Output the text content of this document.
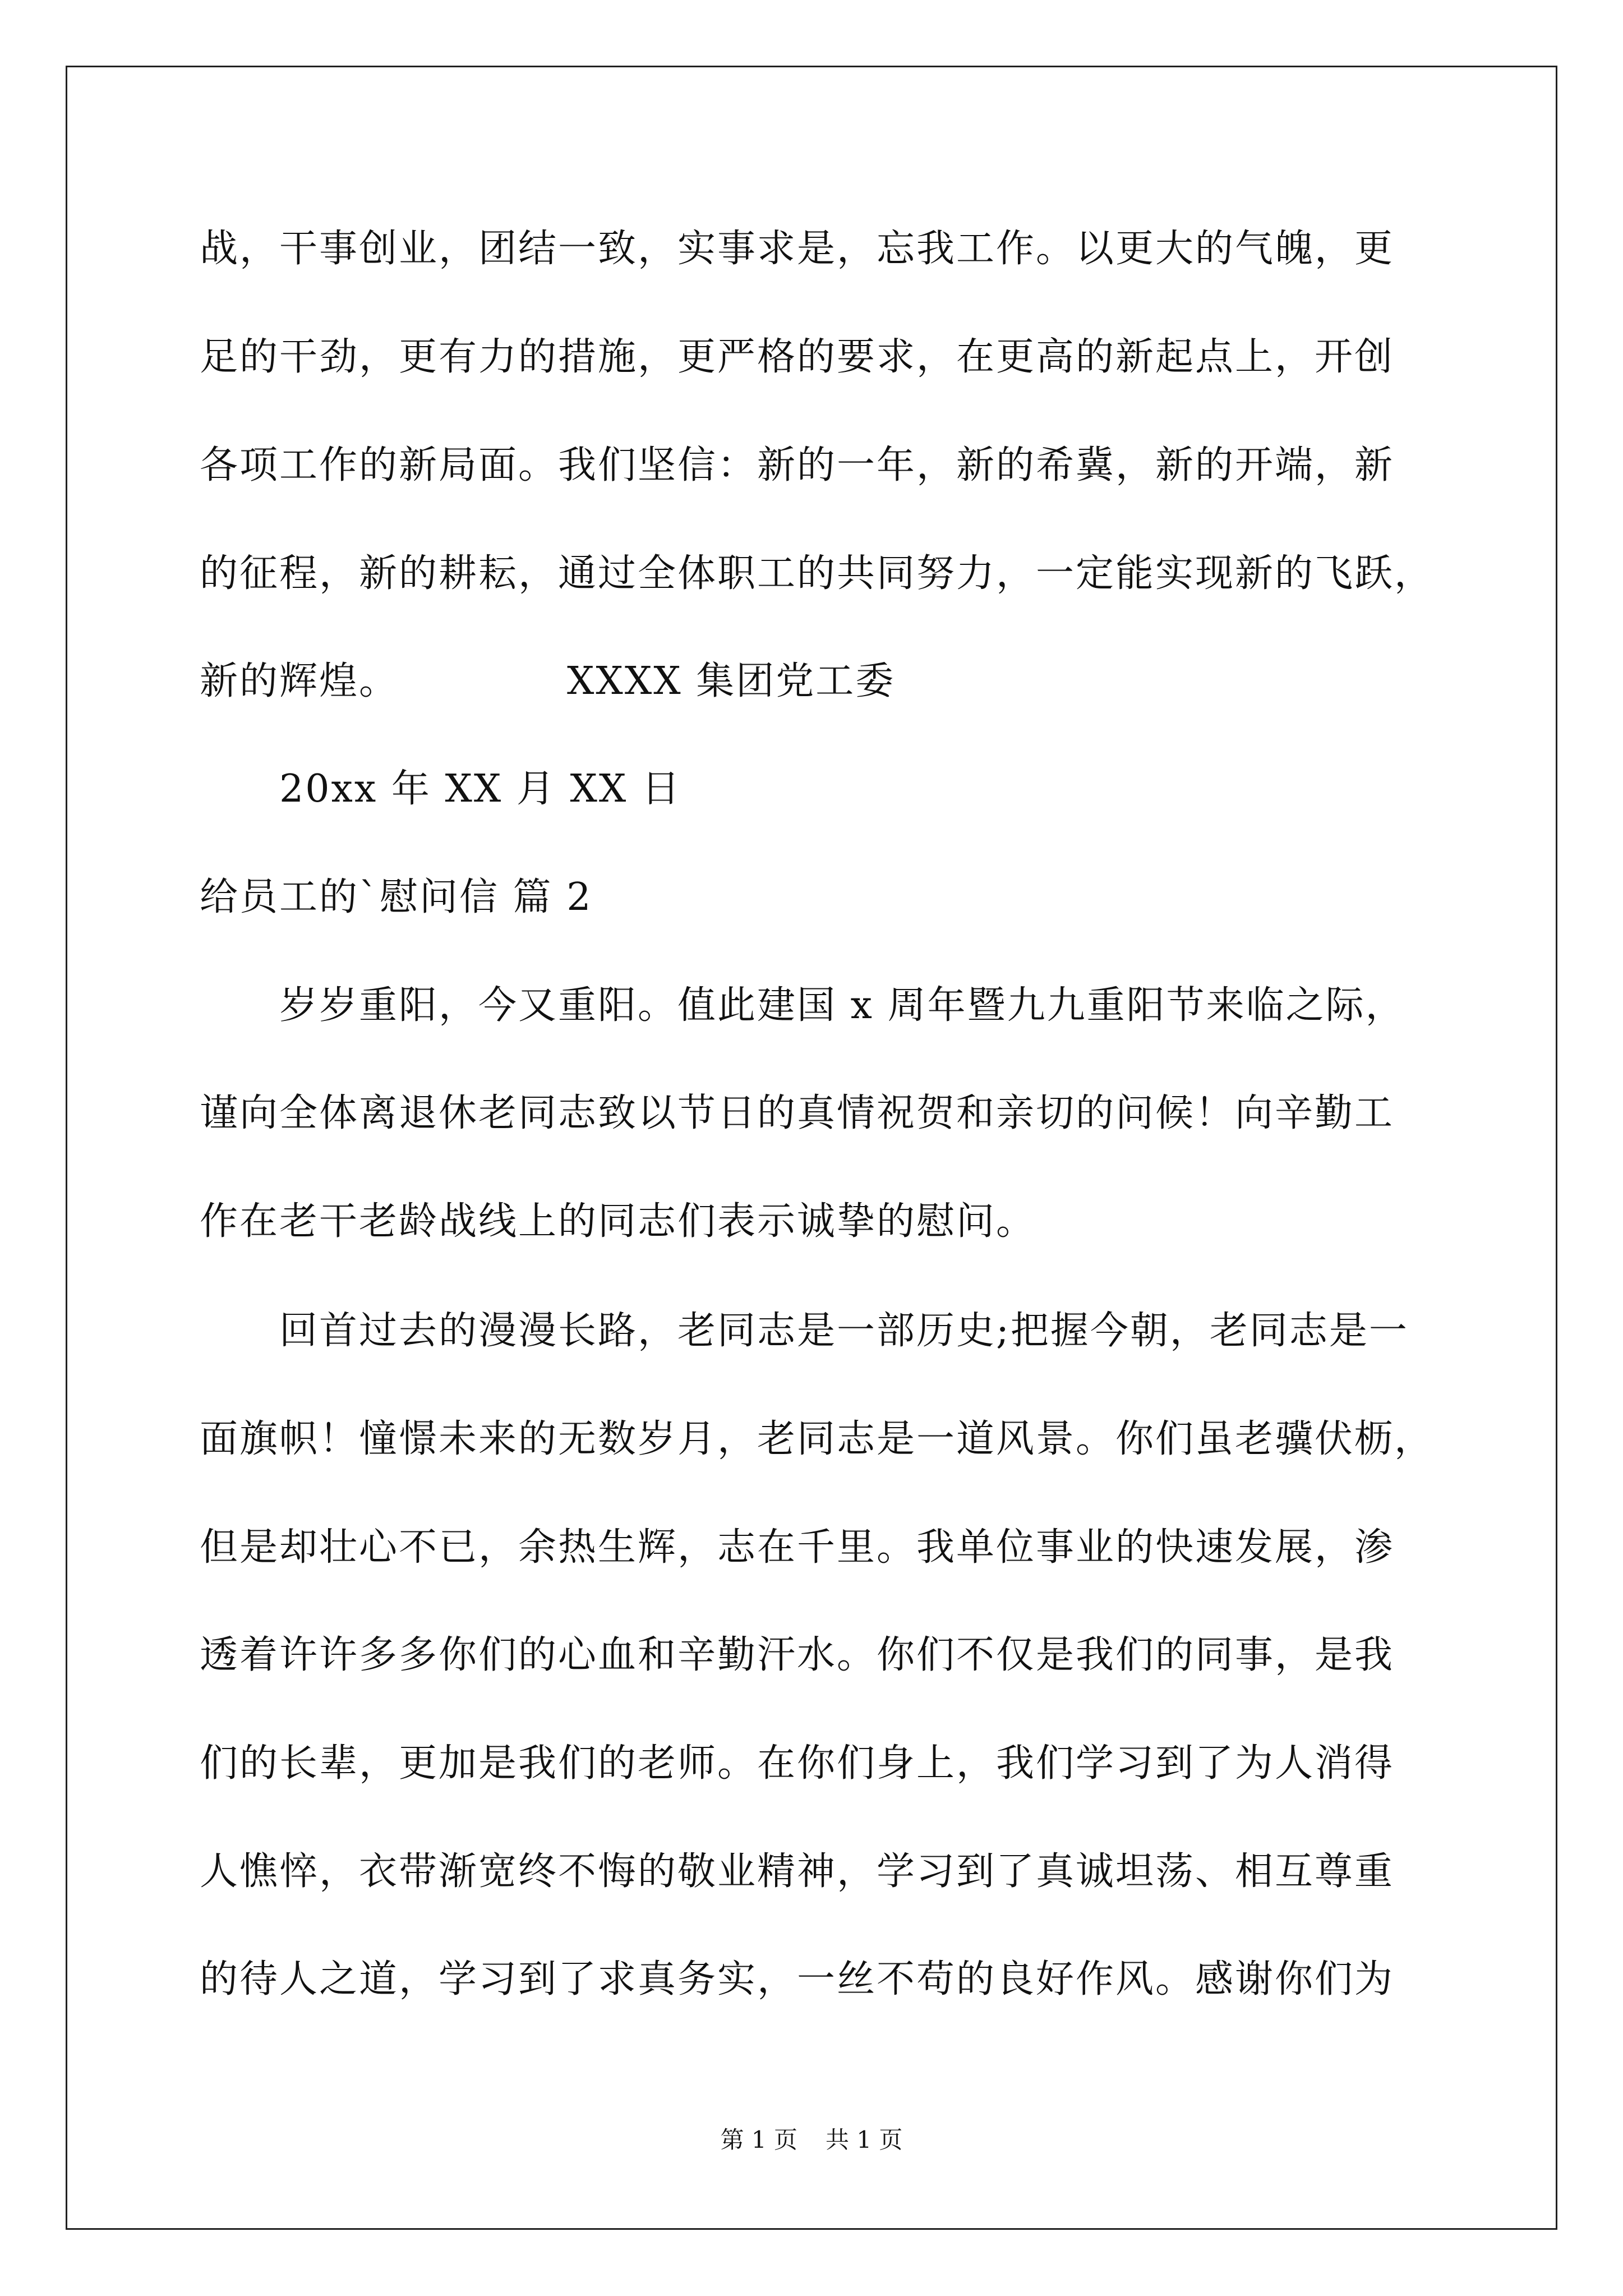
战，干事创业，团结一致，实事求是，忘我工作。以更大的气魄，更
足的干劲，更有力的措施，更严格的要求，在更高的新起点上，开创
各项工作的新局面。我们坚信：新的一年，新的希冀，新的开端，新
的征程，新的耕耘，通过全体职工的共同努力，一定能实现新的飞跃，
新的辉煌。	XXXX 集团党工委
20xx 年 XX 月 XX 日
给员工的`慰问信 篇 2
岁岁重阳，今又重阳。值此建国 x 周年暨九九重阳节来临之际，
谨向全体离退休老同志致以节日的真情祝贺和亲切的问候！向辛勤工
作在老干老龄战线上的同志们表示诚挚的慰问。
回首过去的漫漫长路，老同志是一部历史;把握今朝，老同志是一
面旗帜！憧憬未来的无数岁月，老同志是一道风景。你们虽老骥伏枥，
但是却壮心不已，余热生辉，志在千里。我单位事业的快速发展，渗
透着许许多多你们的心血和辛勤汗水。你们不仅是我们的同事，是我
们的长辈，更加是我们的老师。在你们身上，我们学习到了为人消得
人憔悴，衣带渐宽终不悔的敬业精神，学习到了真诚坦荡、相互尊重
的待人之道，学习到了求真务实，一丝不苟的良好作风。感谢你们为
第 1 页 共 1 页
